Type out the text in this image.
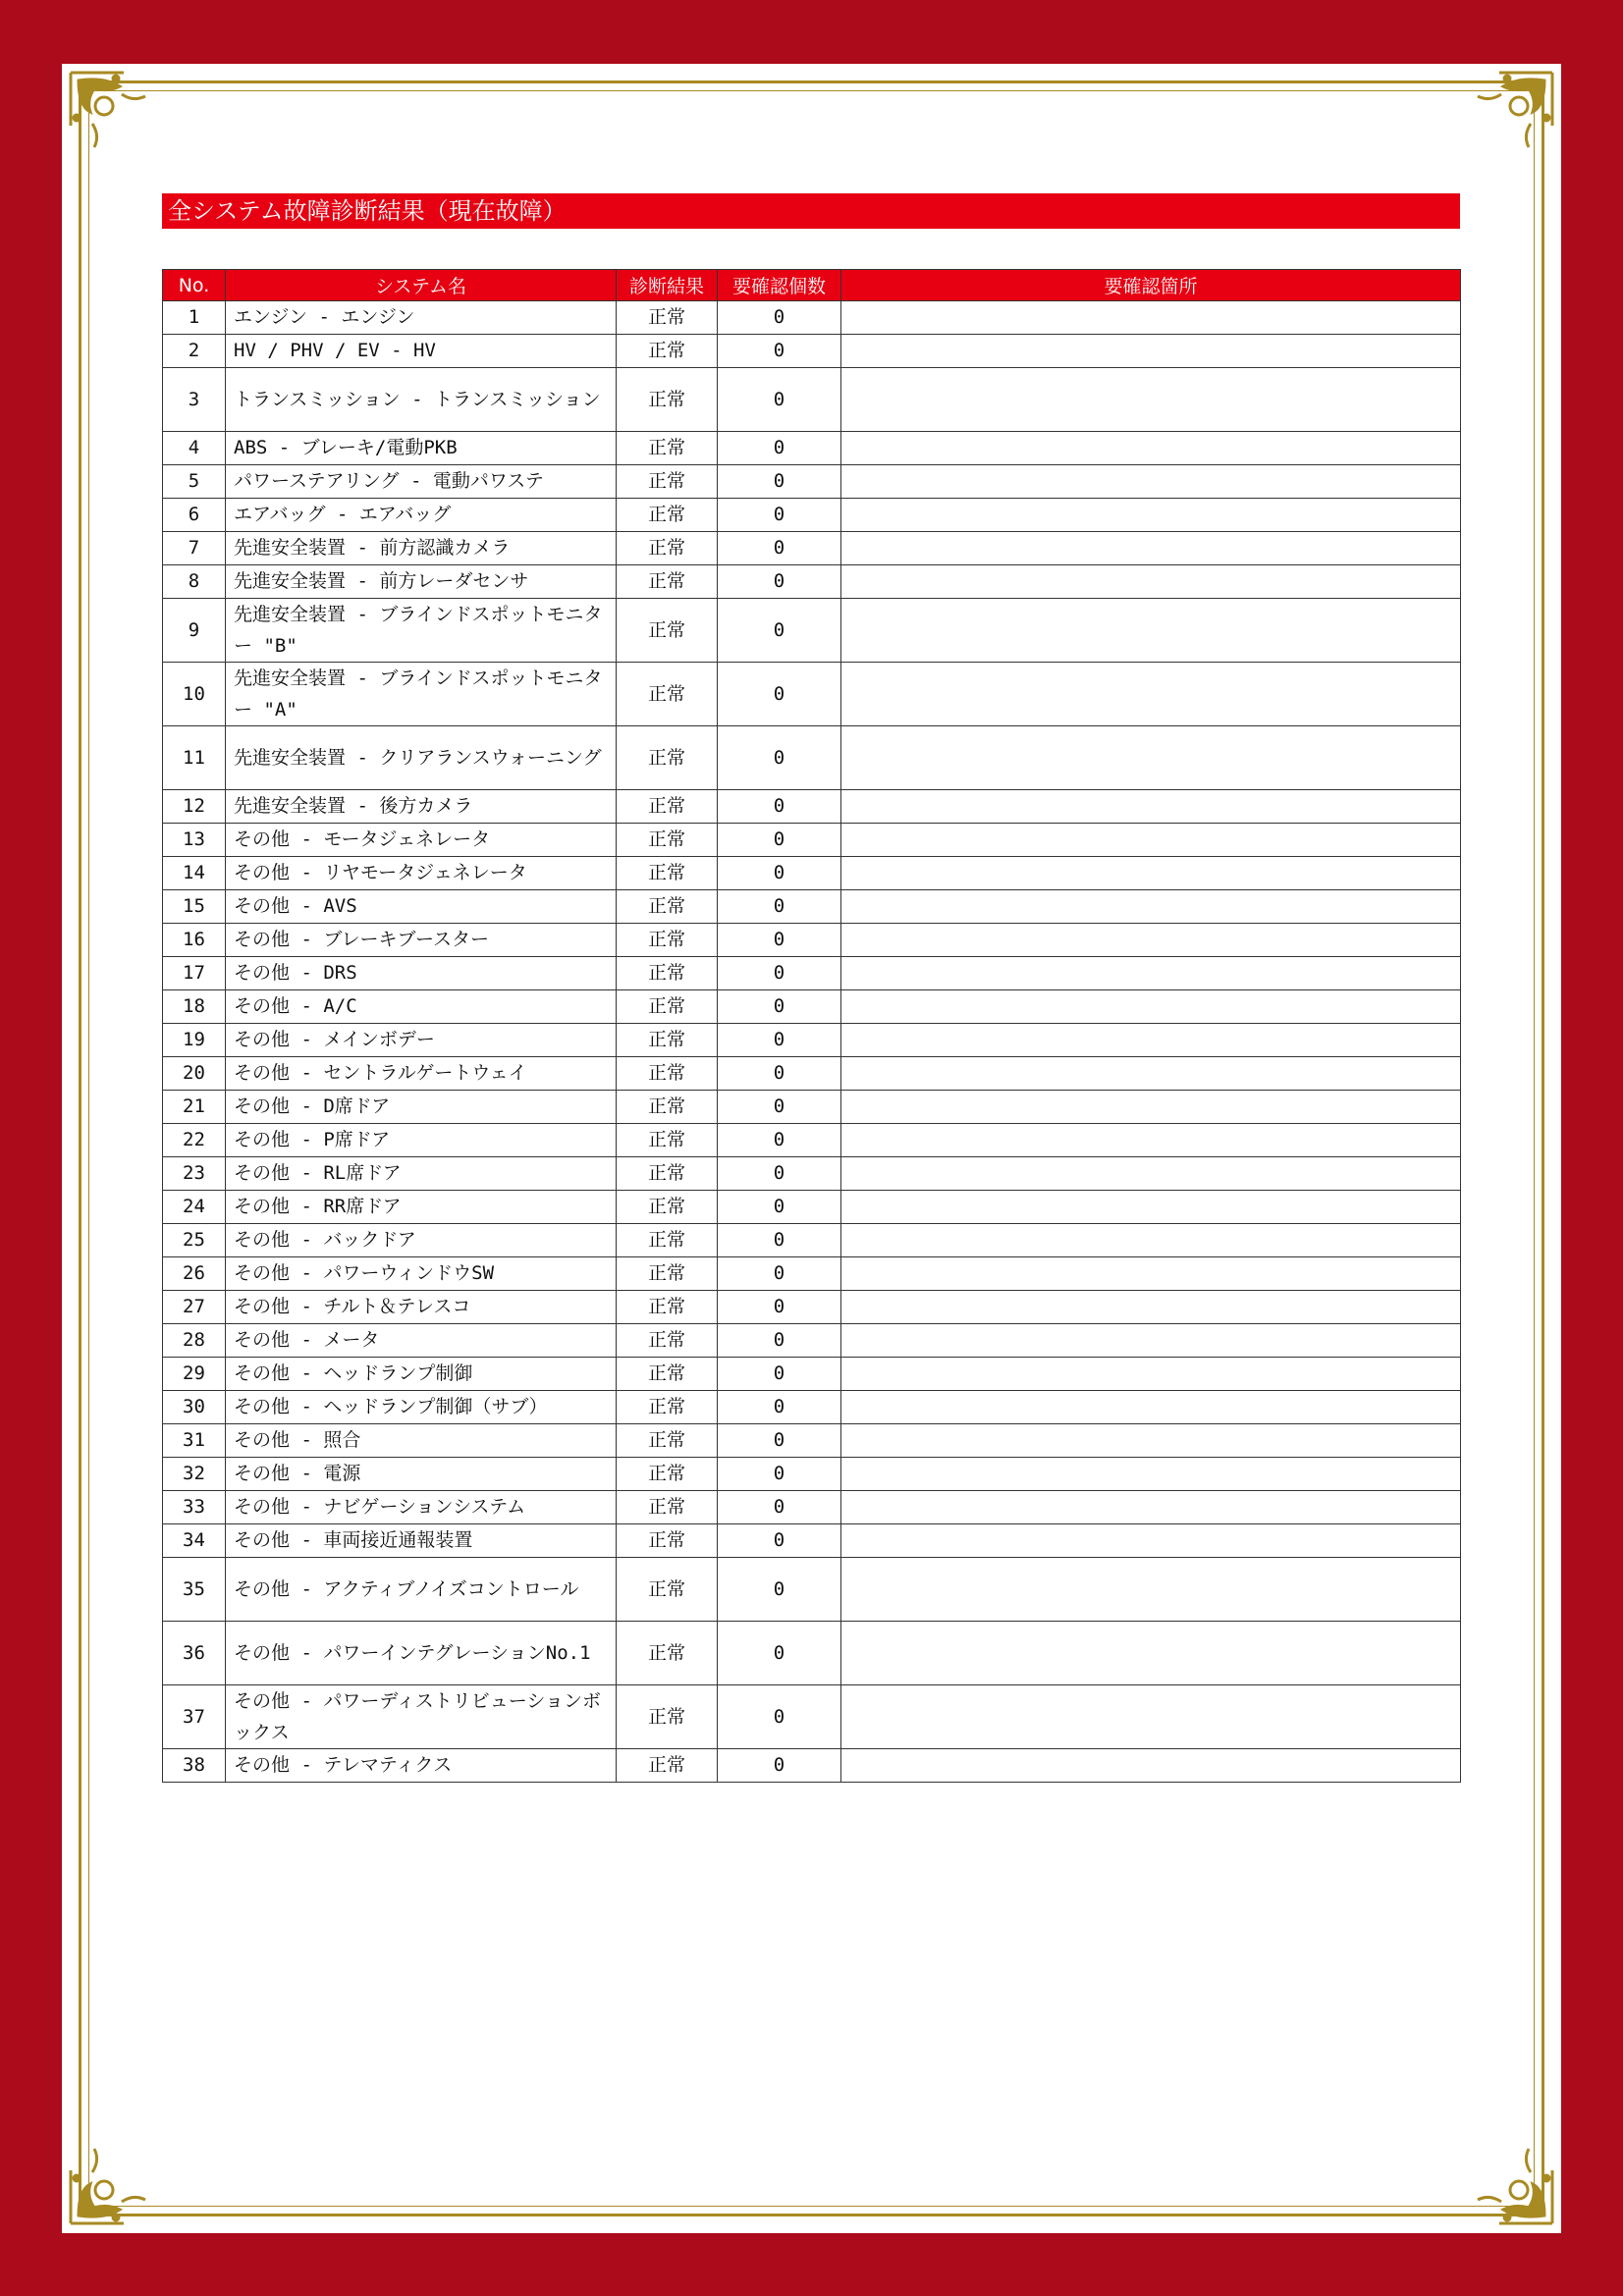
全システム故障診断結果（現在故障）
No.	システム名	診断結果	要確認個数	要確認箇所
1	エンジン - エンジン	正常	0	
2	HV / PHV / EV - HV	正常	0	
3	トランスミッション - トランスミッション	正常	0	
4	ABS - ブレーキ/電動PKB	正常	0	
5	パワーステアリング - 電動パワステ	正常	0	
6	エアバッグ - エアバッグ	正常	0	
7	先進安全装置 - 前方認識カメラ	正常	0	
8	先進安全装置 - 前方レーダセンサ	正常	0	
9	先進安全装置 - ブラインドスポットモニター "B"	正常	0	
10	先進安全装置 - ブラインドスポットモニター "A"	正常	0	
11	先進安全装置 - クリアランスウォーニング	正常	0	
12	先進安全装置 - 後方カメラ	正常	0	
13	その他 - モータジェネレータ	正常	0	
14	その他 - リヤモータジェネレータ	正常	0	
15	その他 - AVS	正常	0	
16	その他 - ブレーキブースター	正常	0	
17	その他 - DRS	正常	0	
18	その他 - A/C	正常	0	
19	その他 - メインボデー	正常	0	
20	その他 - セントラルゲートウェイ	正常	0	
21	その他 - D席ドア	正常	0	
22	その他 - P席ドア	正常	0	
23	その他 - RL席ドア	正常	0	
24	その他 - RR席ドア	正常	0	
25	その他 - バックドア	正常	0	
26	その他 - パワーウィンドウSW	正常	0	
27	その他 - チルト＆テレスコ	正常	0	
28	その他 - メータ	正常	0	
29	その他 - ヘッドランプ制御	正常	0	
30	その他 - ヘッドランプ制御（サブ）	正常	0	
31	その他 - 照合	正常	0	
32	その他 - 電源	正常	0	
33	その他 - ナビゲーションシステム	正常	0	
34	その他 - 車両接近通報装置	正常	0	
35	その他 - アクティブノイズコントロール	正常	0	
36	その他 - パワーインテグレーションNo.1	正常	0	
37	その他 - パワーディストリビューションボックス	正常	0	
38	その他 - テレマティクス	正常	0	
